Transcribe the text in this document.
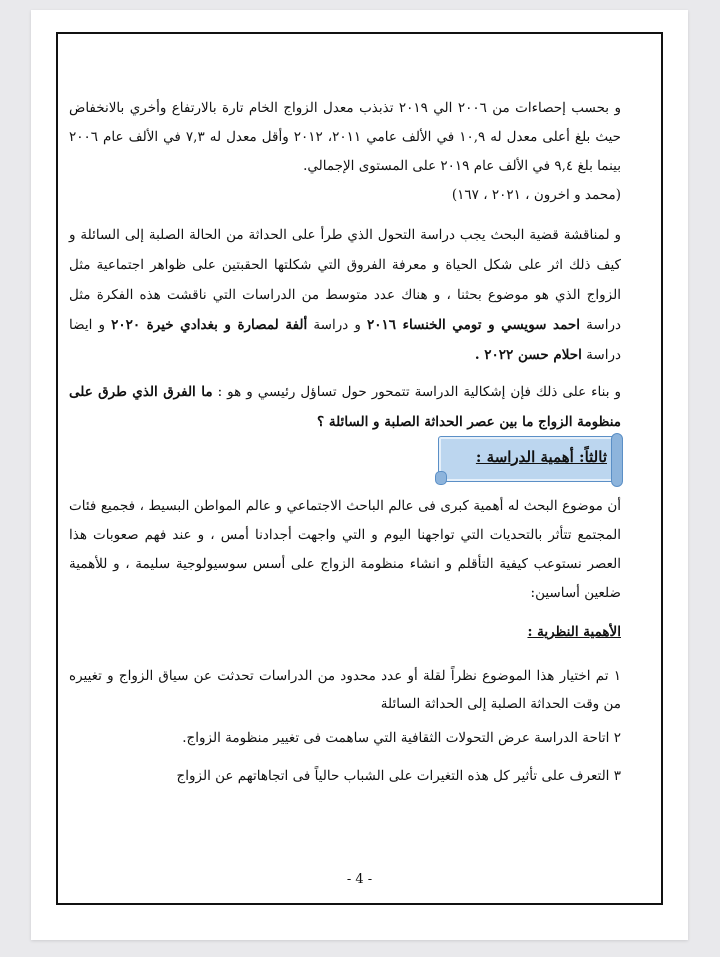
و بحسب إحصاءات من ٢٠٠٦ الي ٢٠١٩ تذبذب معدل الزواج الخام تارة بالارتفاع وأخري بالانخفاض حيث بلغ أعلى معدل له ١٠,٩ في الألف عامي ٢٠١١، ٢٠١٢ وأقل معدل له ٧,٣ في الألف عام ٢٠٠٦ بينما بلغ ٩,٤ في الألف عام ٢٠١٩ على المستوى الإجمالي.
(محمد و اخرون ، ٢٠٢١ ، ١٦٧)

و لمناقشة قضية البحث يجب دراسة التحول الذي طرأ على الحداثة من الحالة الصلبة إلى السائلة و كيف ذلك اثر على شكل الحياة و معرفة الفروق التي شكلتها الحقبتين على ظواهر اجتماعية مثل الزواج الذي هو موضوع بحثنا ، و هناك عدد متوسط من الدراسات التي ناقشت هذه الفكرة مثل دراسة احمد سويسي و تومي الخنساء ٢٠١٦ و دراسة ألفة لمصارة و بغدادي خيرة ٢٠٢٠ و ايضا دراسة احلام حسن ٢٠٢٢ .

و بناء على ذلك فإن إشكالية الدراسة تتمحور حول تساؤل رئيسي و هو : ما الفرق الذي طرق على منظومة الزواج ما بين عصر الحداثة الصلبة و السائلة ؟

ثالثاً: أهمية الدراسة :

أن موضوع البحث له أهمية كبرى فى عالم الباحث الاجتماعي و عالم المواطن البسيط ، فجميع فئات المجتمع تتأثر بالتحديات التي تواجهنا اليوم و التي واجهت أجدادنا أمس ، و عند فهم صعوبات هذا العصر نستوعب كيفية التأقلم و انشاء منظومة الزواج على أسس سوسيولوجية سليمة ، و للأهمية ضلعين أساسين:

الأهمية النظرية :

١ تم اختيار هذا الموضوع نظراً لقلة أو عدد محدود من الدراسات تحدثت عن سياق الزواج و تغييره من وقت الحداثة الصلبة إلى الحداثة السائلة

٢ اتاحة الدراسة عرض التحولات الثقافية التي ساهمت فى تغيير منظومة الزواج.

٣ التعرف على تأثير كل هذه التغيرات على الشباب حالياً فى اتجاهاتهم عن الزواج

- 4 -
